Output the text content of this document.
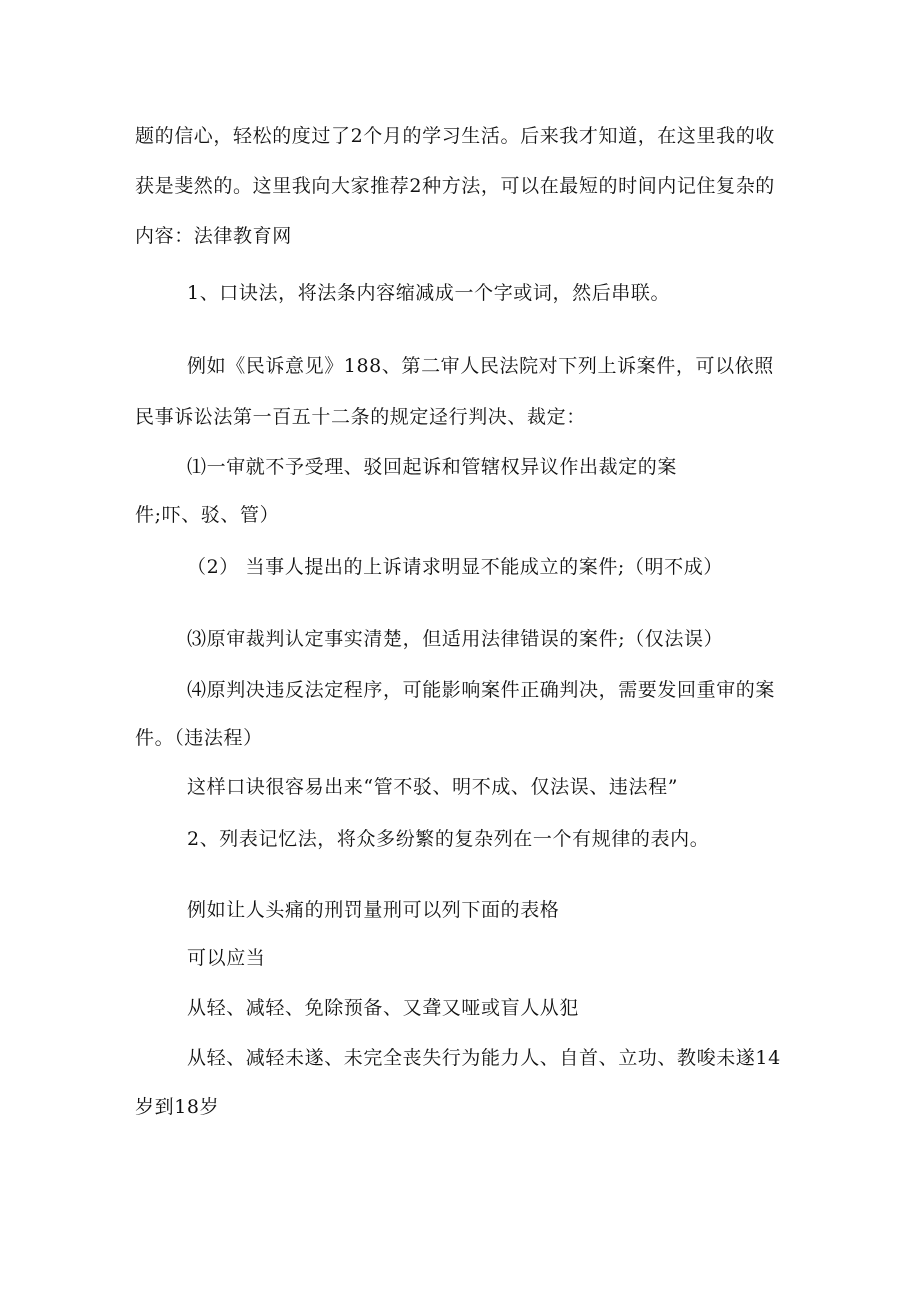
题的信心，轻松的度过了2个月的学习生活。后来我才知道，在这里我的收
获是斐然的。这里我向大家推荐2种方法，可以在最短的时间内记住复杂的
内容：法律教育网
1、口诀法，将法条内容缩减成一个字或词，然后串联。
例如《民诉意见》188、第二审人民法院对下列上诉案件，可以依照
民事诉讼法第一百五十二条的规定迳行判决、裁定：
⑴一审就不予受理、驳回起诉和管辖权异议作出裁定的案
件;吓、驳、管）
（2） 当事人提出的上诉请求明显不能成立的案件;（明不成）
⑶原审裁判认定事实清楚，但适用法律错误的案件;（仅法误）
⑷原判决违反法定程序，可能影响案件正确判决，需要发回重审的案
件。（违法程）
这样口诀很容易出来“管不驳、明不成、仅法误、违法程”
2、列表记忆法，将众多纷繁的复杂列在一个有规律的表内。
例如让人头痛的刑罚量刑可以列下面的表格
可以应当
从轻、减轻、免除预备、又聋又哑或盲人从犯
从轻、减轻未遂、未完全丧失行为能力人、自首、立功、教唆未遂14
岁到18岁
